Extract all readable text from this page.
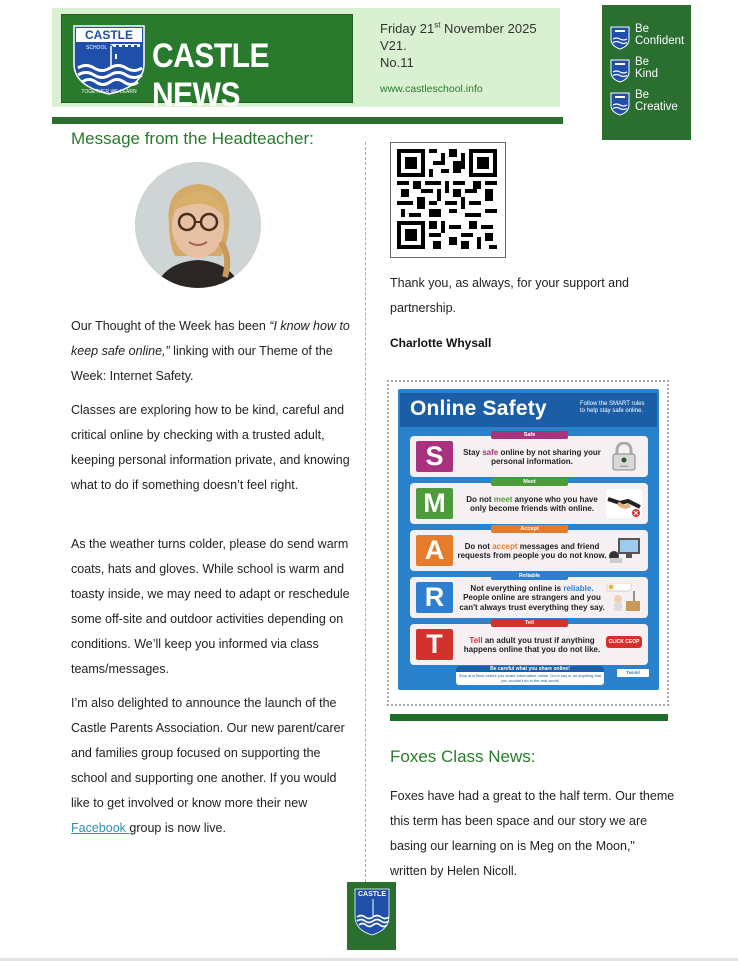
CASTLE
SCHOOL
TOGETHER WE LEARN
CASTLE NEWS
Friday 21st November 2025
V21.
No.11
www.castleschool.info
Be
Confident
Be
Kind
Be
Creative
Message from the Headteacher:
Our Thought of the Week has been “I know how to keep safe online,” linking with our Theme of the Week: Internet Safety.
Classes are exploring how to be kind, careful and critical online by checking with a trusted adult, keeping personal information private, and knowing what to do if something doesn’t feel right.
As the weather turns colder, please do send warm coats, hats and gloves. While school is warm and toasty inside, we may need to adapt or reschedule some off-site and outdoor activities depending on conditions. We’ll keep you informed via class teams/messages.
I’m also delighted to announce the launch of the Castle Parents Association. Our new parent/carer and families group focused on supporting the school and supporting one another. If you would like to get involved or know more their new Facebook group is now live.
Thank you, as always, for your support and partnership.
Charlotte Whysall
Online Safety	Follow the SMART rules to help stay safe online.
Safe
S	Stay safe online by not sharing your personal information.
*****
Meet
M	Do not meet anyone who you have only become friends with online.
Accept
A	Do not accept messages and friend requests from people you do not know.
Reliable
R	Not everything online is reliable. People online are strangers and you can't always trust everything they say.
Tell
T	Tell an adult you trust if anything happens online that you do not like.
CLICK CEOP
Be careful what you share online!
Stop and think before you share information online. Don't say or do anything that you wouldn't do in the real world!
Twinkl
Foxes Class News:
Foxes have had a great to the half term. Our theme this term has been space and our story we are basing our learning on is Meg on the Moon," written by Helen Nicoll.
CASTLE
